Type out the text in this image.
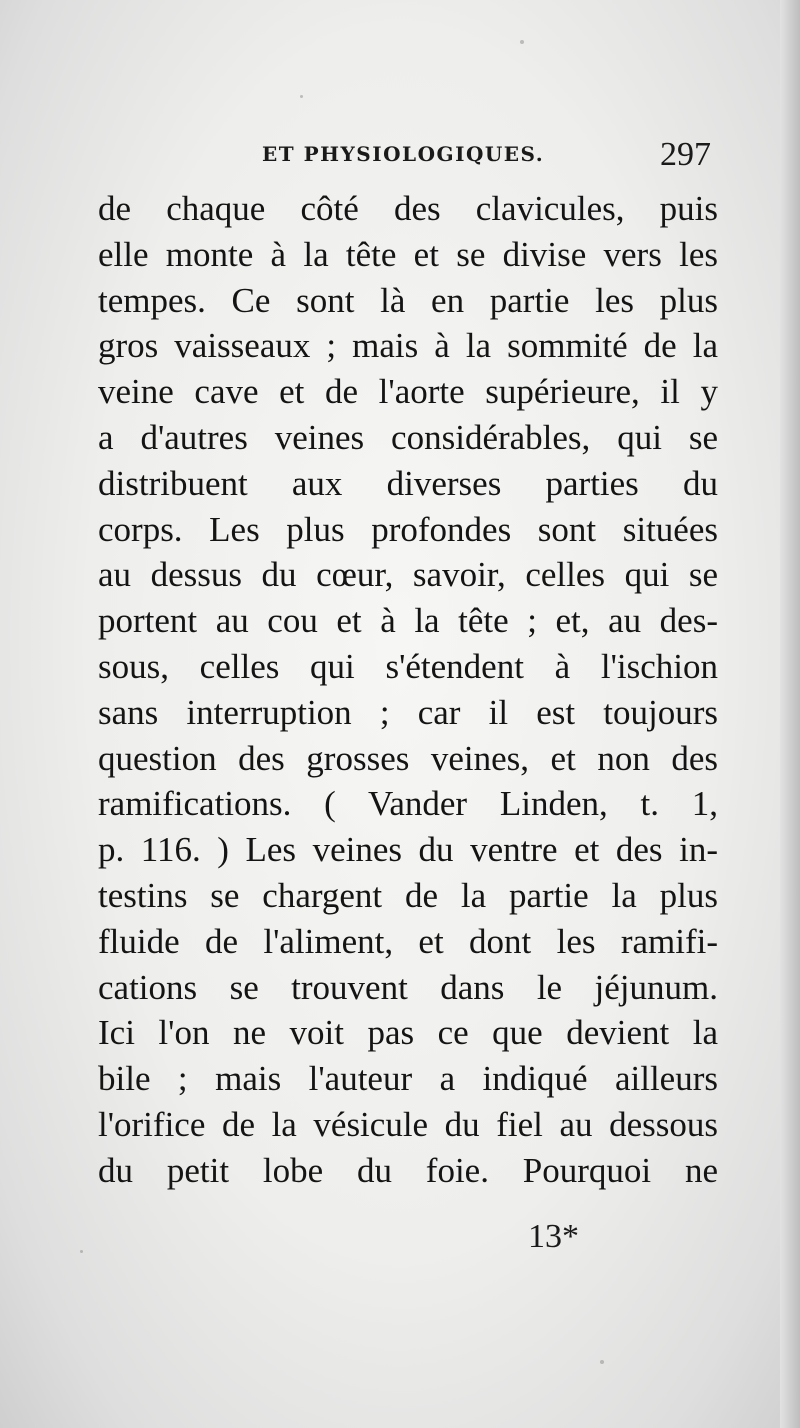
ET PHYSIOLOGIQUES.	297
de chaque côté des clavicules, puis
elle monte à la tête et se divise vers les
tempes. Ce sont là en partie les plus
gros vaisseaux ; mais à la sommité de la
veine cave et de l'aorte supérieure, il y
a d'autres veines considérables, qui se
distribuent aux diverses parties du
corps. Les plus profondes sont situées
au dessus du cœur, savoir, celles qui se
portent au cou et à la tête ; et, au des-
sous, celles qui s'étendent à l'ischion
sans interruption ; car il est toujours
question des grosses veines, et non des
ramifications. ( Vander Linden, t. 1,
p. 116. ) Les veines du ventre et des in-
testins se chargent de la partie la plus
fluide de l'aliment, et dont les ramifi-
cations se trouvent dans le jéjunum.
Ici l'on ne voit pas ce que devient la
bile ; mais l'auteur a indiqué ailleurs
l'orifice de la vésicule du fiel au dessous
du petit lobe du foie. Pourquoi ne
13*
